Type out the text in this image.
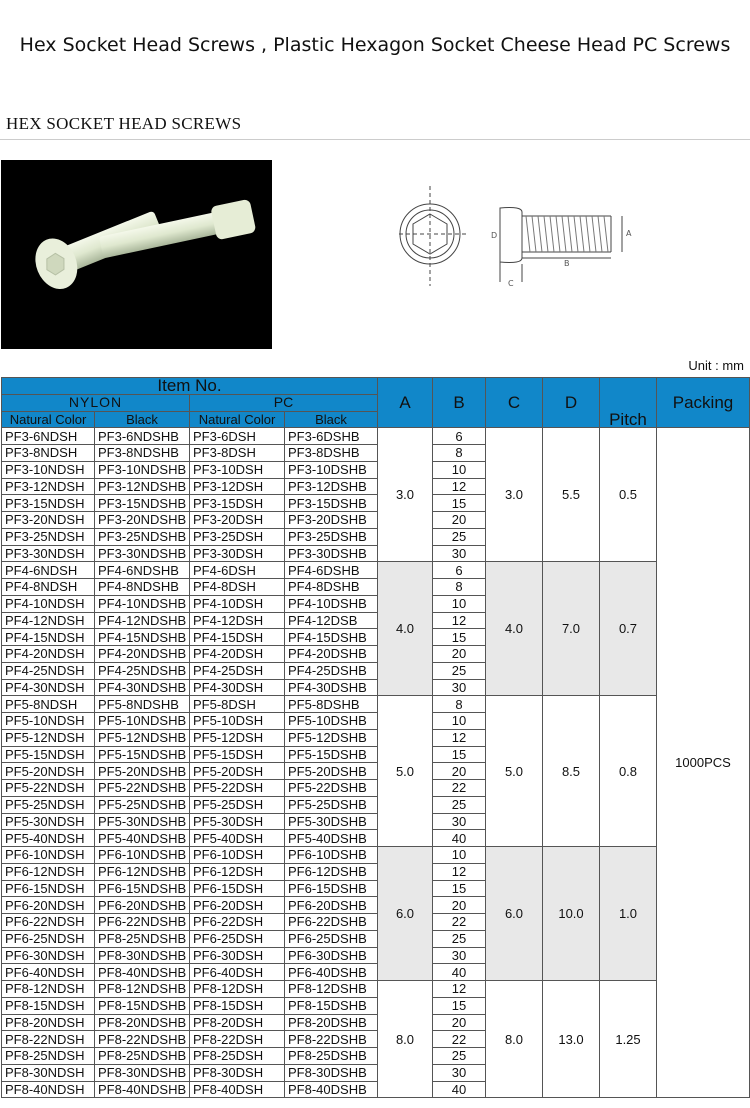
Hex Socket Head Screws , Plastic Hexagon Socket Cheese Head PC Screws
HEX SOCKET HEAD SCREWS
A
B
C
D
Unit : mm
Item No.				A	B	C	D	Pitch	Packing
NYLON		PC							
Natural Color	Black	Natural Color	Black						
PF3-6NDSH	PF3-6NDSHB	PF3-6DSH	PF3-6DSHB	3.0	6	3.0	5.5	0.5	1000PCS
PF3-8NDSH	PF3-8NDSHB	PF3-8DSH	PF3-8DSHB		8				
PF3-10NDSH	PF3-10NDSHB	PF3-10DSH	PF3-10DSHB		10				
PF3-12NDSH	PF3-12NDSHB	PF3-12DSH	PF3-12DSHB		12				
PF3-15NDSH	PF3-15NDSHB	PF3-15DSH	PF3-15DSHB		15				
PF3-20NDSH	PF3-20NDSHB	PF3-20DSH	PF3-20DSHB		20				
PF3-25NDSH	PF3-25NDSHB	PF3-25DSH	PF3-25DSHB		25				
PF3-30NDSH	PF3-30NDSHB	PF3-30DSH	PF3-30DSHB		30				
PF4-6NDSH	PF4-6NDSHB	PF4-6DSH	PF4-6DSHB	4.0	6	4.0	7.0	0.7	
PF4-8NDSH	PF4-8NDSHB	PF4-8DSH	PF4-8DSHB		8				
PF4-10NDSH	PF4-10NDSHB	PF4-10DSH	PF4-10DSHB		10				
PF4-12NDSH	PF4-12NDSHB	PF4-12DSH	PF4-12DSB		12				
PF4-15NDSH	PF4-15NDSHB	PF4-15DSH	PF4-15DSHB		15				
PF4-20NDSH	PF4-20NDSHB	PF4-20DSH	PF4-20DSHB		20				
PF4-25NDSH	PF4-25NDSHB	PF4-25DSH	PF4-25DSHB		25				
PF4-30NDSH	PF4-30NDSHB	PF4-30DSH	PF4-30DSHB		30				
PF5-8NDSH	PF5-8NDSHB	PF5-8DSH	PF5-8DSHB	5.0	8	5.0	8.5	0.8	
PF5-10NDSH	PF5-10NDSHB	PF5-10DSH	PF5-10DSHB		10				
PF5-12NDSH	PF5-12NDSHB	PF5-12DSH	PF5-12DSHB		12				
PF5-15NDSH	PF5-15NDSHB	PF5-15DSH	PF5-15DSHB		15				
PF5-20NDSH	PF5-20NDSHB	PF5-20DSH	PF5-20DSHB		20				
PF5-22NDSH	PF5-22NDSHB	PF5-22DSH	PF5-22DSHB		22				
PF5-25NDSH	PF5-25NDSHB	PF5-25DSH	PF5-25DSHB		25				
PF5-30NDSH	PF5-30NDSHB	PF5-30DSH	PF5-30DSHB		30				
PF5-40NDSH	PF5-40NDSHB	PF5-40DSH	PF5-40DSHB		40				
PF6-10NDSH	PF6-10NDSHB	PF6-10DSH	PF6-10DSHB	6.0	10	6.0	10.0	1.0	
PF6-12NDSH	PF6-12NDSHB	PF6-12DSH	PF6-12DSHB		12				
PF6-15NDSH	PF6-15NDSHB	PF6-15DSH	PF6-15DSHB		15				
PF6-20NDSH	PF6-20NDSHB	PF6-20DSH	PF6-20DSHB		20				
PF6-22NDSH	PF6-22NDSHB	PF6-22DSH	PF6-22DSHB		22				
PF6-25NDSH	PF8-25NDSHB	PF6-25DSH	PF6-25DSHB		25				
PF6-30NDSH	PF8-30NDSHB	PF6-30DSH	PF6-30DSHB		30				
PF6-40NDSH	PF8-40NDSHB	PF6-40DSH	PF6-40DSHB		40				
PF8-12NDSH	PF8-12NDSHB	PF8-12DSH	PF8-12DSHB	8.0	12	8.0	13.0	1.25	
PF8-15NDSH	PF8-15NDSHB	PF8-15DSH	PF8-15DSHB		15				
PF8-20NDSH	PF8-20NDSHB	PF8-20DSH	PF8-20DSHB		20				
PF8-22NDSH	PF8-22NDSHB	PF8-22DSH	PF8-22DSHB		22				
PF8-25NDSH	PF8-25NDSHB	PF8-25DSH	PF8-25DSHB		25				
PF8-30NDSH	PF8-30NDSHB	PF8-30DSH	PF8-30DSHB		30				
PF8-40NDSH	PF8-40NDSHB	PF8-40DSH	PF8-40DSHB		40				
